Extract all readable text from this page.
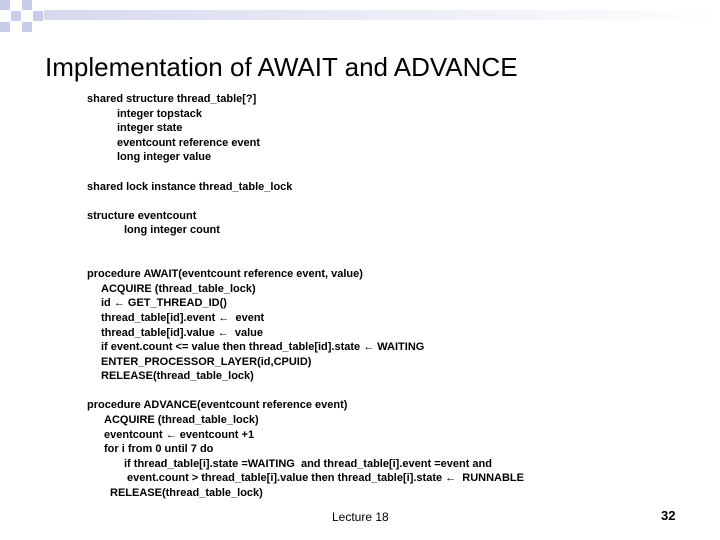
Implementation of AWAIT and ADVANCE
shared structure thread_table[?]
integer topstack
integer state
eventcount reference event
long integer value
shared lock instance thread_table_lock
structure eventcount
long integer count
procedure AWAIT(eventcount reference event, value)
ACQUIRE (thread_table_lock)
id ← GET_THREAD_ID()
thread_table[id].event ←  event
thread_table[id].value ←  value
if event.count <= value then thread_table[id].state ← WAITING
ENTER_PROCESSOR_LAYER(id,CPUID)
RELEASE(thread_table_lock)
procedure ADVANCE(eventcount reference event)
ACQUIRE (thread_table_lock)
eventcount ← eventcount +1
for i from 0 until 7 do
if thread_table[i].state =WAITING  and thread_table[i].event =event and
event.count > thread_table[i].value then thread_table[i].state ←  RUNNABLE
RELEASE(thread_table_lock)
Lecture 18	32
